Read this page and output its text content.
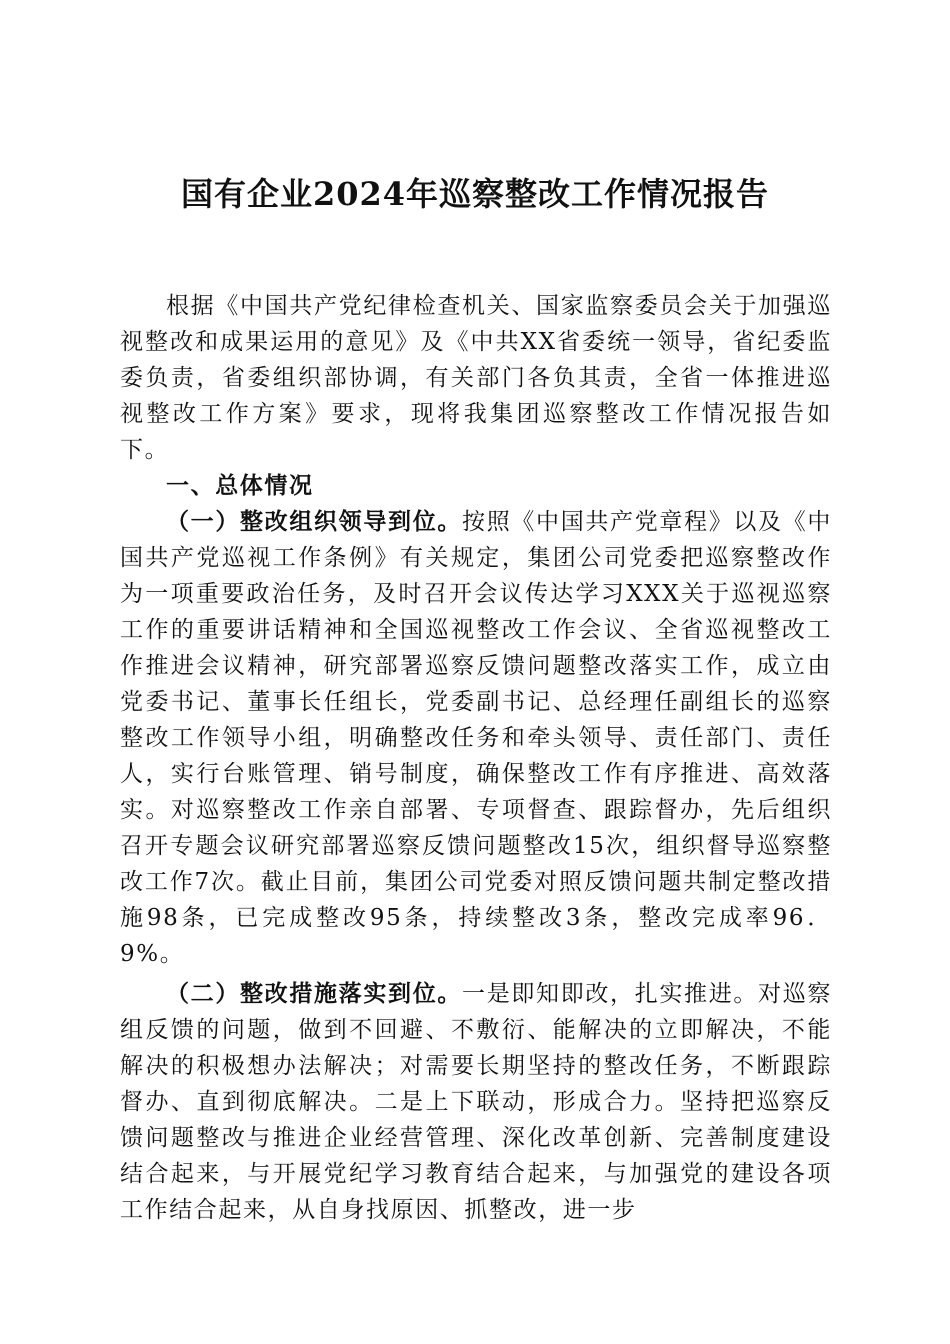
国有企业2024年巡察整改工作情况报告

根据《中国共产党纪律检查机关、国家监察委员会关于加强巡视整改和成果运用的意见》及《中共XX省委统一领导，省纪委监委负责，省委组织部协调，有关部门各负其责，全省一体推进巡视整改工作方案》要求，现将我集团巡察整改工作情况报告如下。

一、总体情况

（一）整改组织领导到位。按照《中国共产党章程》以及《中国共产党巡视工作条例》有关规定，集团公司党委把巡察整改作为一项重要政治任务，及时召开会议传达学习XXX关于巡视巡察工作的重要讲话精神和全国巡视整改工作会议、全省巡视整改工作推进会议精神，研究部署巡察反馈问题整改落实工作，成立由党委书记、董事长任组长，党委副书记、总经理任副组长的巡察整改工作领导小组，明确整改任务和牵头领导、责任部门、责任人，实行台账管理、销号制度，确保整改工作有序推进、高效落实。对巡察整改工作亲自部署、专项督查、跟踪督办，先后组织召开专题会议研究部署巡察反馈问题整改15次，组织督导巡察整改工作7次。截止目前，集团公司党委对照反馈问题共制定整改措施98条，已完成整改95条，持续整改3条，整改完成率96．9%。

（二）整改措施落实到位。一是即知即改，扎实推进。对巡察组反馈的问题，做到不回避、不敷衍、能解决的立即解决，不能解决的积极想办法解决；对需要长期坚持的整改任务，不断跟踪督办、直到彻底解决。二是上下联动，形成合力。坚持把巡察反馈问题整改与推进企业经营管理、深化改革创新、完善制度建设结合起来，与开展党纪学习教育结合起来，与加强党的建设各项工作结合起来，从自身找原因、抓整改，进一步
